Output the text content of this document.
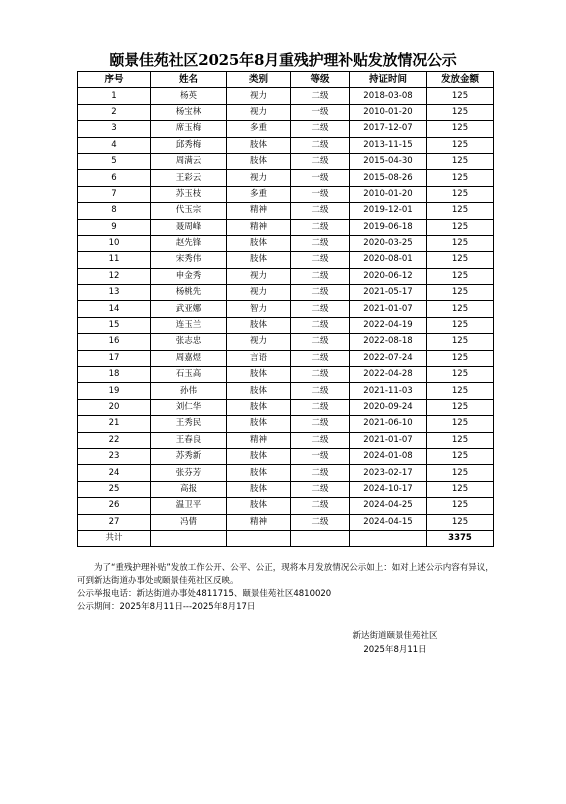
颐景佳苑社区2025年8月重残护理补贴发放情况公示
序号	姓名	类别	等级	持证时间	发放金额
1	杨英	视力	二级	2018-03-08	125
2	杨宝林	视力	一级	2010-01-20	125
3	席玉梅	多重	二级	2017-12-07	125
4	邱秀梅	肢体	二级	2013-11-15	125
5	周满云	肢体	二级	2015-04-30	125
6	王彩云	视力	一级	2015-08-26	125
7	苏玉枝	多重	一级	2010-01-20	125
8	代玉宗	精神	二级	2019-12-01	125
9	聂周峰	精神	二级	2019-06-18	125
10	赵先锋	肢体	二级	2020-03-25	125
11	宋秀伟	肢体	二级	2020-08-01	125
12	申金秀	视力	二级	2020-06-12	125
13	杨桃先	视力	二级	2021-05-17	125
14	武亚娜	智力	二级	2021-01-07	125
15	连玉兰	肢体	二级	2022-04-19	125
16	张志忠	视力	二级	2022-08-18	125
17	周嘉煜	言语	二级	2022-07-24	125
18	石玉高	肢体	二级	2022-04-28	125
19	孙伟	肢体	二级	2021-11-03	125
20	刘仁华	肢体	二级	2020-09-24	125
21	王秀民	肢体	二级	2021-06-10	125
22	王春良	精神	二级	2021-01-07	125
23	苏秀新	肢体	一级	2024-01-08	125
24	张芬芳	肢体	二级	2023-02-17	125
25	高报	肢体	二级	2024-10-17	125
26	温卫平	肢体	二级	2024-04-25	125
27	冯倩	精神	二级	2024-04-15	125
共计					3375

为了“重残护理补贴”发放工作公开、公平、公正，现将本月发放情况公示如上：如对上述公示内容有异议，可到新达街道办事处或颐景佳苑社区反映。

公示举报电话：新达街道办事处4811715、颐景佳苑社区4810020

公示期间：2025年8月11日---2025年8月17日

新达街道颐景佳苑社区
2025年8月11日
